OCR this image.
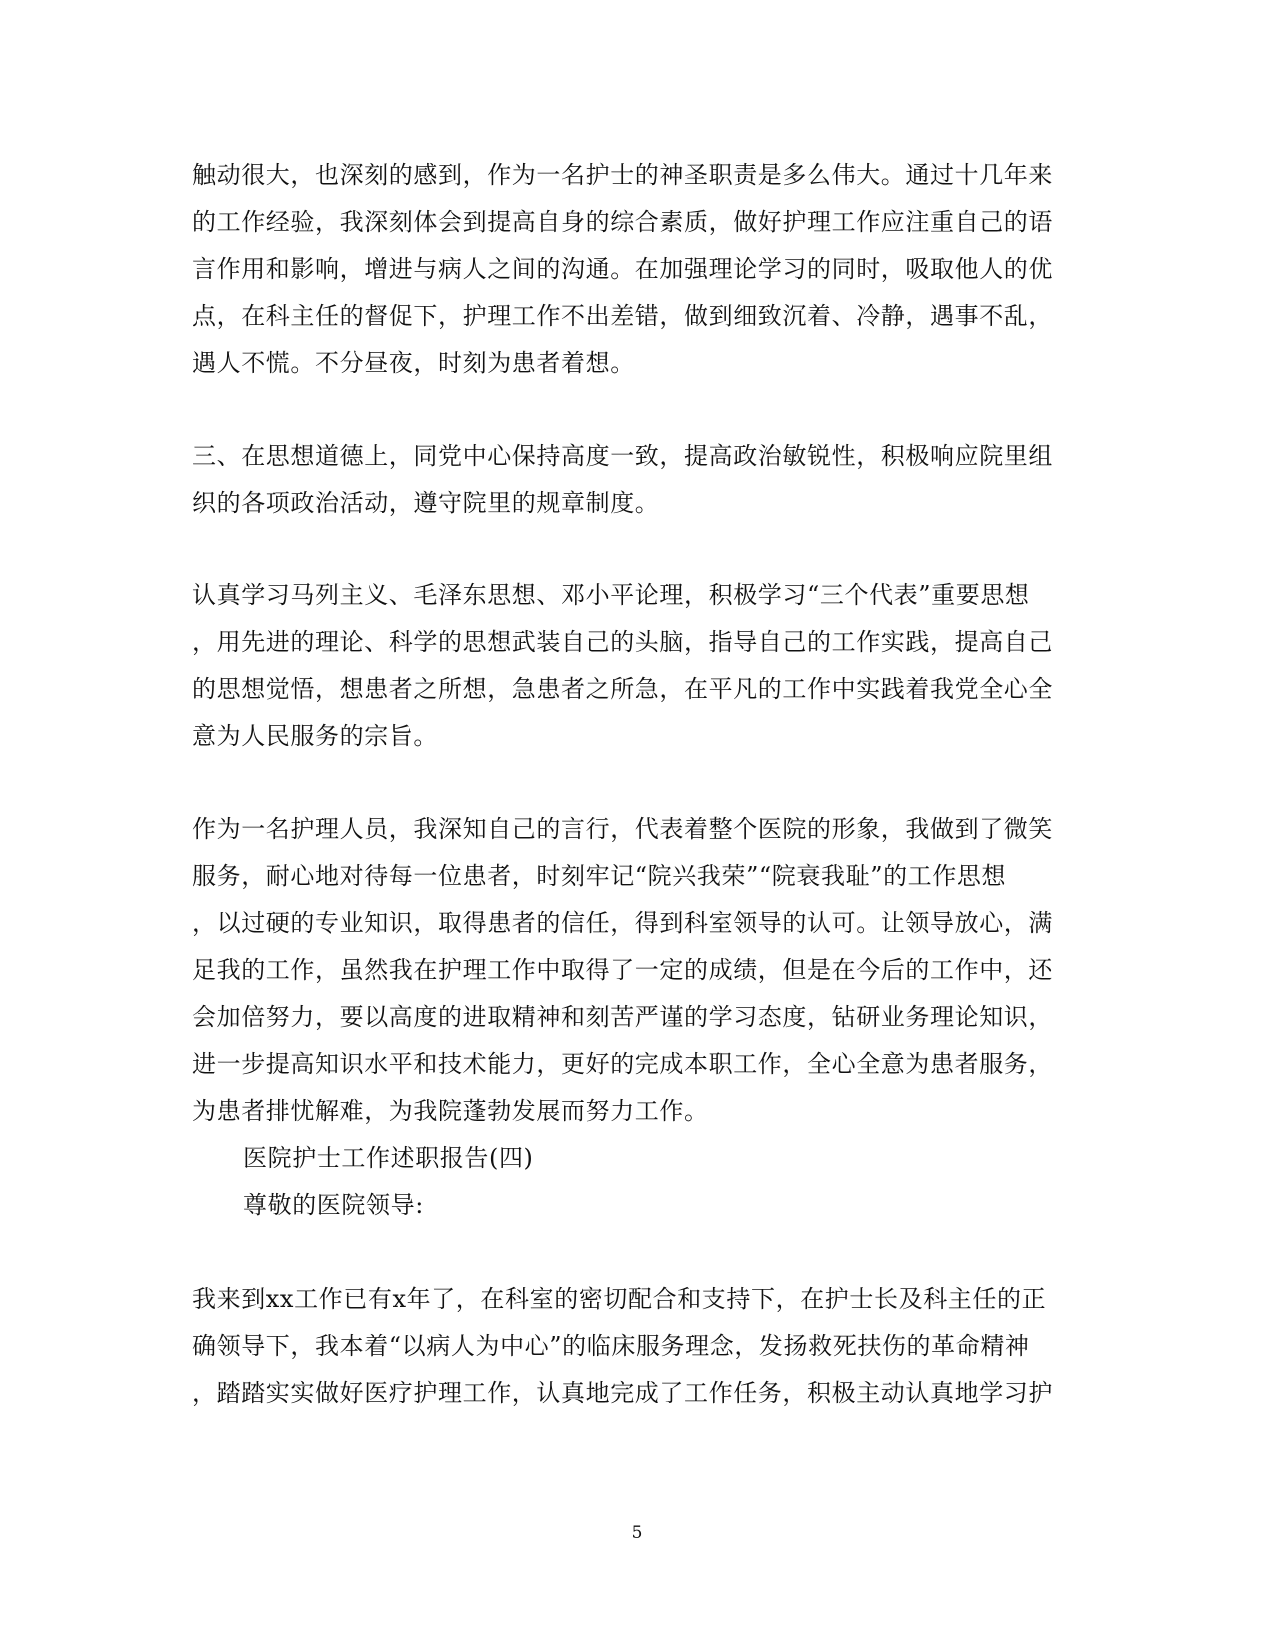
触动很大，也深刻的感到，作为一名护士的神圣职责是多么伟大。通过十几年来
的工作经验，我深刻体会到提高自身的综合素质，做好护理工作应注重自己的语
言作用和影响，增进与病人之间的沟通。在加强理论学习的同时，吸取他人的优
点，在科主任的督促下，护理工作不出差错，做到细致沉着、冷静，遇事不乱，
遇人不慌。不分昼夜，时刻为患者着想。
三、在思想道德上，同党中心保持高度一致，提高政治敏锐性，积极响应院里组
织的各项政治活动，遵守院里的规章制度。
认真学习马列主义、毛泽东思想、邓小平论理，积极学习“三个代表”重要思想
，用先进的理论、科学的思想武装自己的头脑，指导自己的工作实践，提高自己
的思想觉悟，想患者之所想，急患者之所急，在平凡的工作中实践着我党全心全
意为人民服务的宗旨。
作为一名护理人员，我深知自己的言行，代表着整个医院的形象，我做到了微笑
服务，耐心地对待每一位患者，时刻牢记“院兴我荣”“院衰我耻”的工作思想
，以过硬的专业知识，取得患者的信任，得到科室领导的认可。让领导放心，满
足我的工作，虽然我在护理工作中取得了一定的成绩，但是在今后的工作中，还
会加倍努力，要以高度的进取精神和刻苦严谨的学习态度，钻研业务理论知识，
进一步提高知识水平和技术能力，更好的完成本职工作，全心全意为患者服务，
为患者排忧解难，为我院蓬勃发展而努力工作。
医院护士工作述职报告(四)
尊敬的医院领导:
我来到xx工作已有x年了，在科室的密切配合和支持下，在护士长及科主任的正
确领导下，我本着“以病人为中心”的临床服务理念，发扬救死扶伤的革命精神
，踏踏实实做好医疗护理工作，认真地完成了工作任务，积极主动认真地学习护
5
